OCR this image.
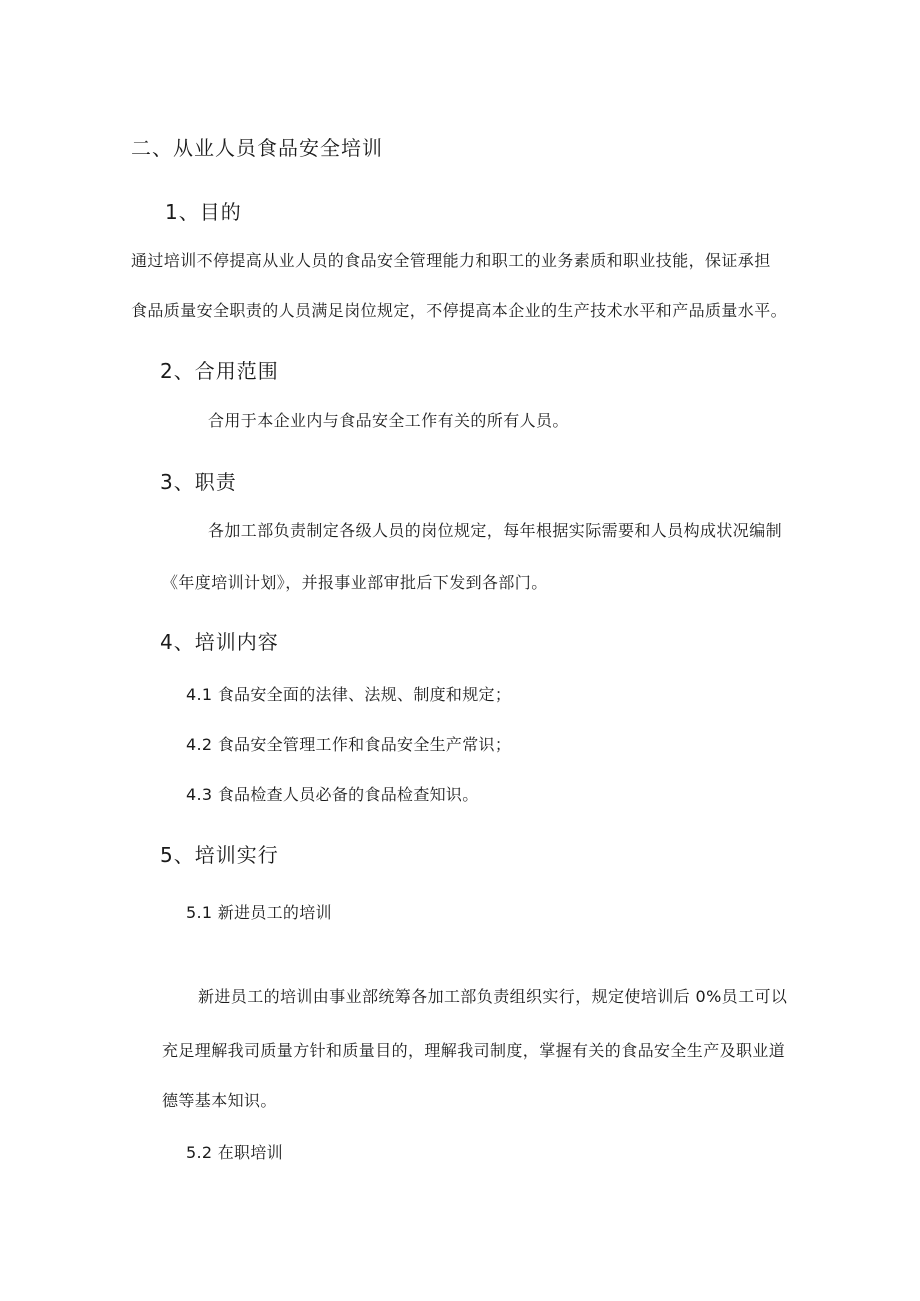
二、从业人员食品安全培训

1、目的

通过培训不停提高从业人员的食品安全管理能力和职工的业务素质和职业技能，保证承担

食品质量安全职责的人员满足岗位规定，不停提高本企业的生产技术水平和产品质量水平。

2、合用范围

合用于本企业内与食品安全工作有关的所有人员。

3、职责

各加工部负责制定各级人员的岗位规定，每年根据实际需要和人员构成状况编制

《年度培训计划》，并报事业部审批后下发到各部门。

4、培训内容

4.1 食品安全面的法律、法规、制度和规定；

4.2 食品安全管理工作和食品安全生产常识；

4.3 食品检查人员必备的食品检查知识。

5、培训实行

5.1 新进员工的培训

新进员工的培训由事业部统筹各加工部负责组织实行，规定使培训后 0%员工可以

充足理解我司质量方针和质量目的，理解我司制度，掌握有关的食品安全生产及职业道

德等基本知识。

5.2 在职培训
